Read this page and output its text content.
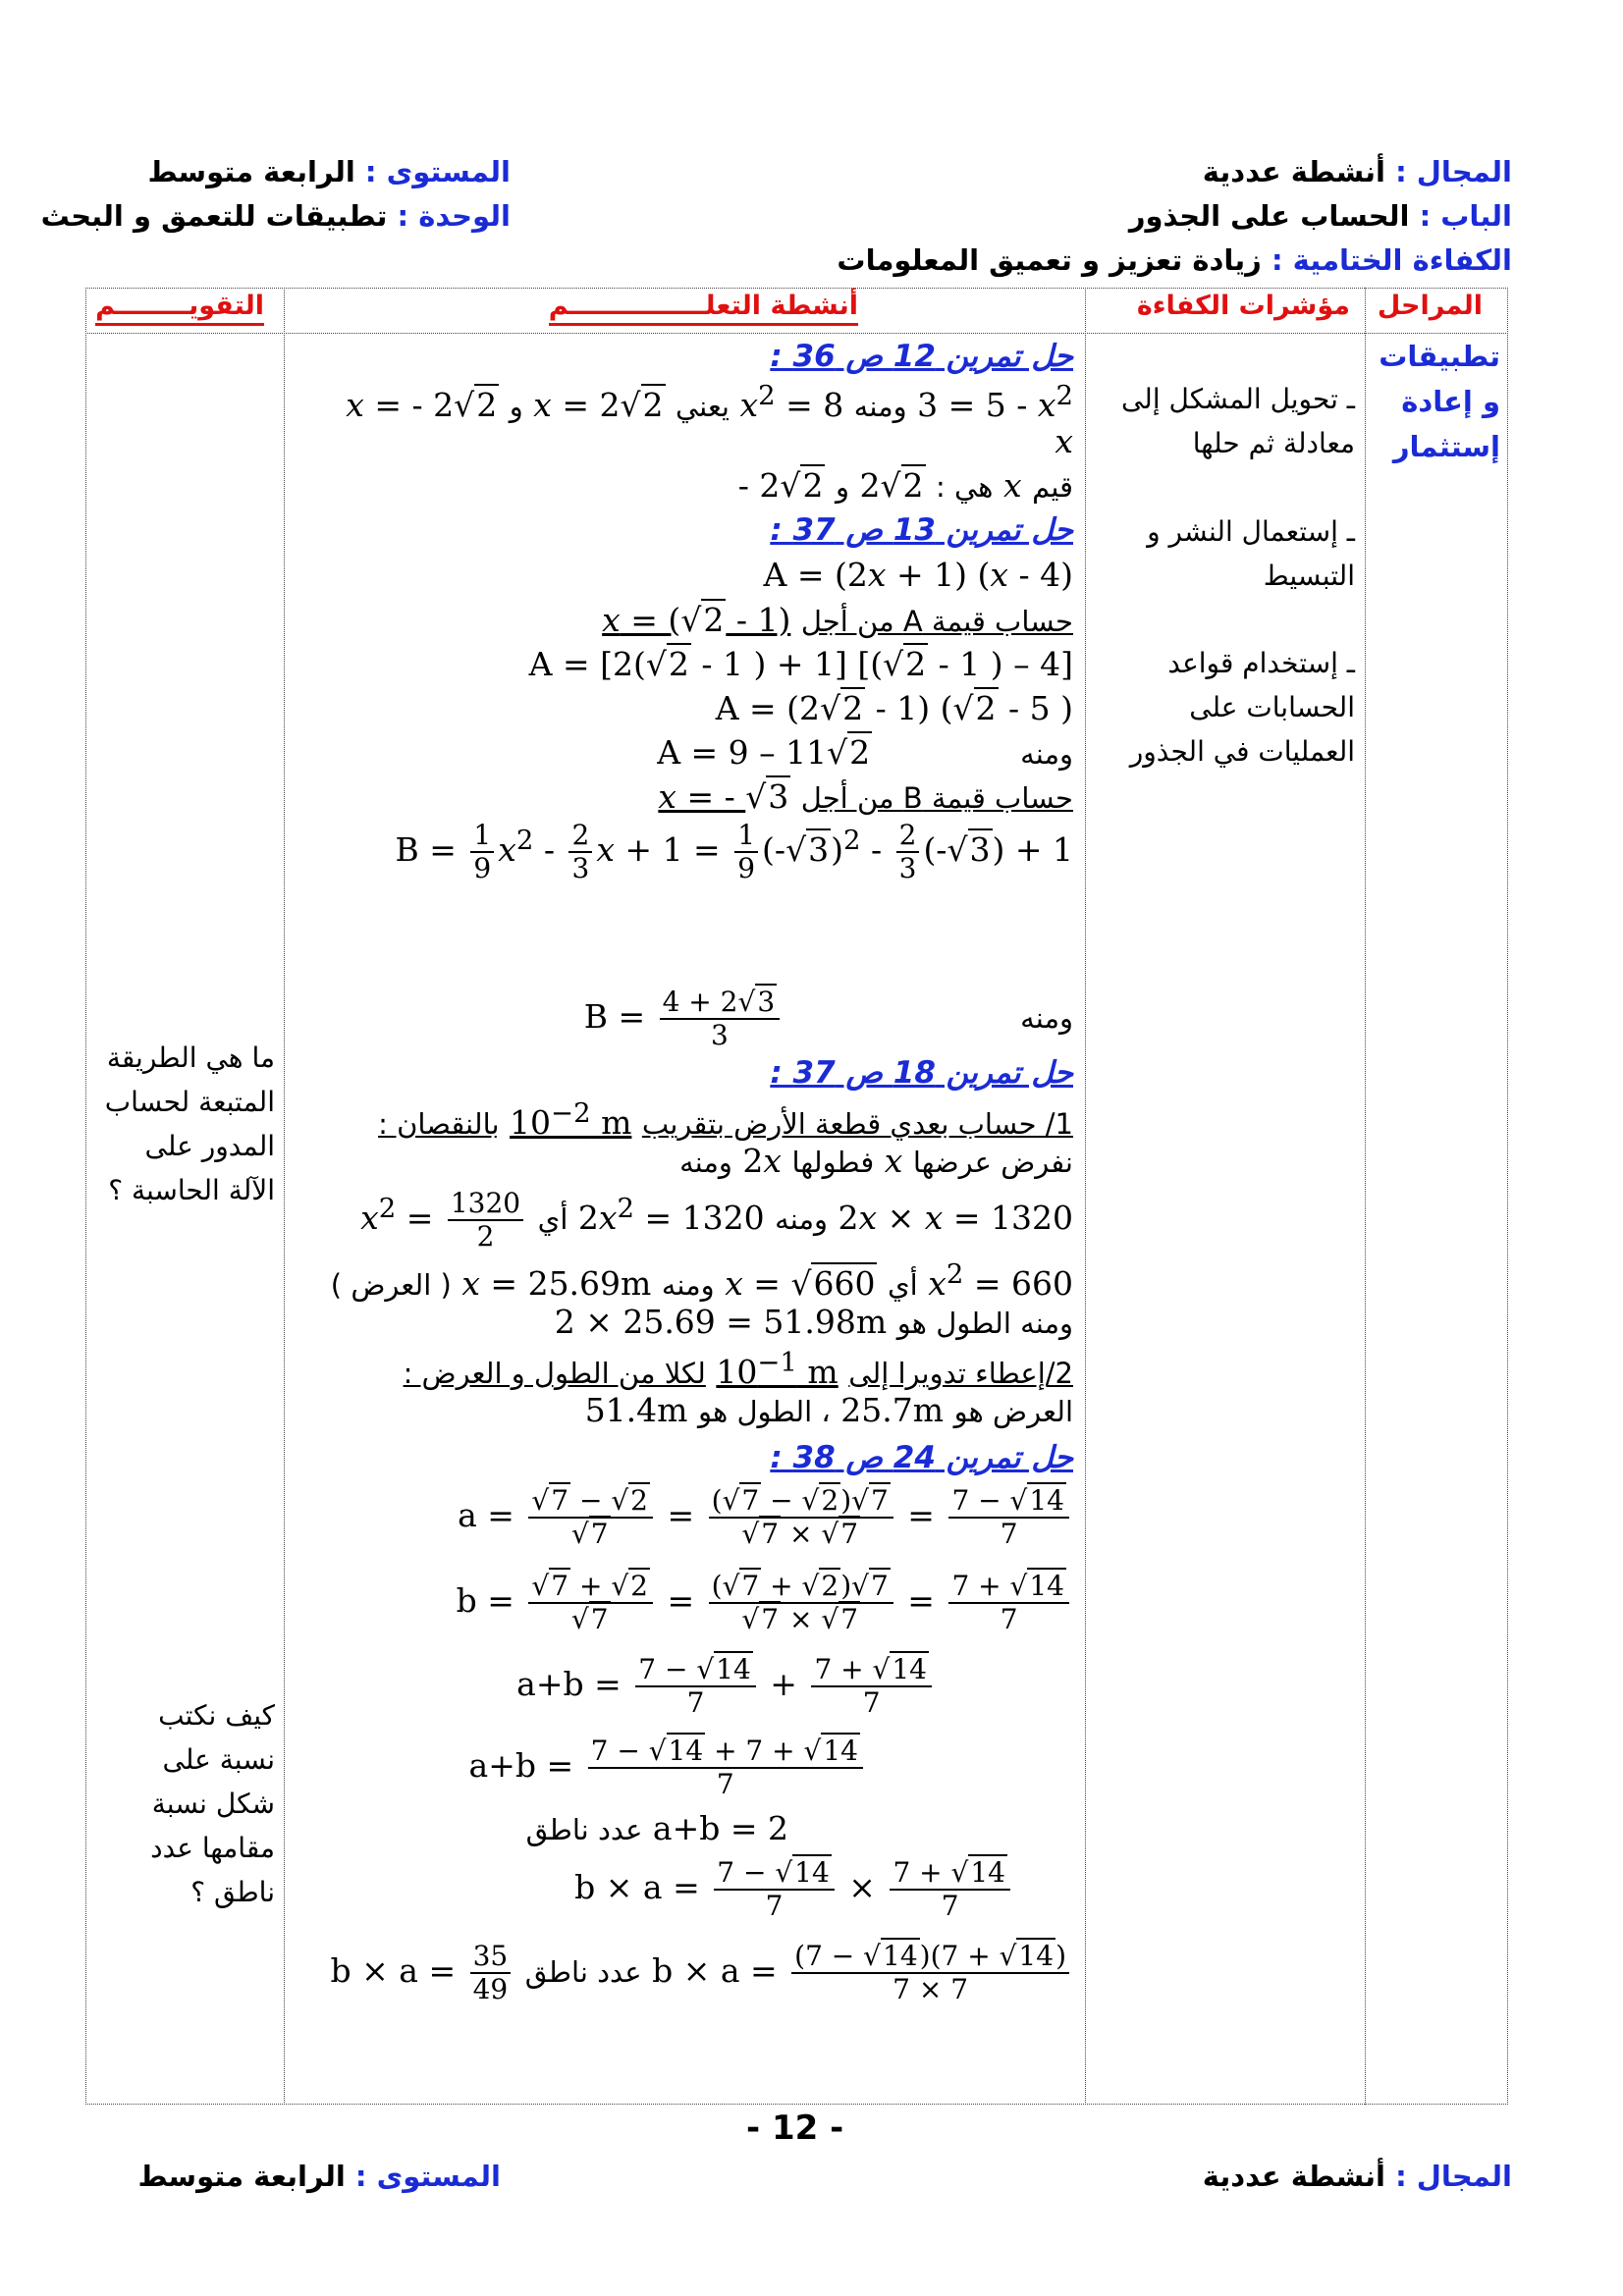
المجال : أنشطة عددية
الباب : الحساب على الجذور
الكفاءة الختامية : زيادة تعزيز و تعميق المعلومات
المستوى : الرابعة متوسط
الوحدة : تطبيقات للتعمق و البحث
المراحل
مؤشرات الكفاءة
أنشطة التعلـــــــــــــــم
التقويــــــــم
تطبيقات
و إعادة
إستثمار
ـ تحويل المشكل إلى معادلة ثم حلها
ـ إستعمال النشر و التبسيط
ـ إستخدام قواعد الحسابات على العمليات في الجذور
ما هي الطريقة المتبعة لحساب المدور على الآلة الحاسبة ؟
كيف نكتب نسبة على شكل نسبة مقامها عدد ناطق ؟
حل تمرين 12 ص 36 :
$3 = 5 - x^2$ ومنه $x^2 = 8$ يعني x = 2 √ 2 و x = - 2 √ 2
x
قيم x هي : 2 √ 2 و - 2 √ 2
حل تمرين 13 ص 37 :
A = (2x + 1) (x - 4)
حساب قيمة A من أجل x = ( √ 2 - 1)
A = [2( √ 2 - 1 ) + 1] [( √ 2 - 1 ) – 4]
A = (2 √ 2 - 1) ( √ 2 - 5 )
ومنه  A = 9 – 11 √ 2
حساب قيمة B من أجل x = - √ 3
$B = \frac{1}{9} x^2 - \frac{2}{3}$ $x + 1 = \frac{1}{9}$ (- √ $3)^2 - \frac{2}{3}$ (- √ 3) + 1
ومنه  $B = \frac{4 + 2 √ 3}{3}$
حل تمرين 18 ص 37 :
1/ حساب بعدي قطعة الأرض بتقريب $10^{-2}$ m بالنقصان :
نفرض عرضها x فطولها 2x ومنه
2x × x = 1320 ومنه $2x^2 = 1320$ أي $x^2 = \frac{1320}{2}$
$x^2 = 660$ أي x = √ 660 ومنه x = 25.69m ( العرض )
ومنه الطول هو 2 × 25.69 = 51.98m
2/إعطاء تدويرا إلى $10^{-1}$ m لكلا من الطول و العرض :
العرض هو 25.7m ، الطول هو 51.4m
حل تمرين 24 ص 38 :
a = √ 7 − √ 2
√ 7 = ( √ 7 − √ 2) √ 7
√ 7 × √ $7 = \frac{7 - √ 14}{7}$
b = √ 7 + √ 2
√ 7 = ( √ 7 + √ 2) √ 7
√ 7 × √ $7 = \frac{7 + √ 14}{7}$
$a+b = \frac{7 - √ 14}{7} + \frac{7 + √ 14}{7}$
$a+b = \frac{7 - √ 14 + 7 + √ 14}{7}$
a+b = 2 عدد ناطق
$b \times a = \frac{7 - √ 14}{7} \times \frac{7 + √ 14}{7}$
$b \times a = \frac{(7 - √ 14)(7 + √ 14)}{7 \times 7}$
عدد ناطق $b \times a = \frac{35}{49}$
- 12 -
المجال : أنشطة عددية
المستوى : الرابعة متوسط
